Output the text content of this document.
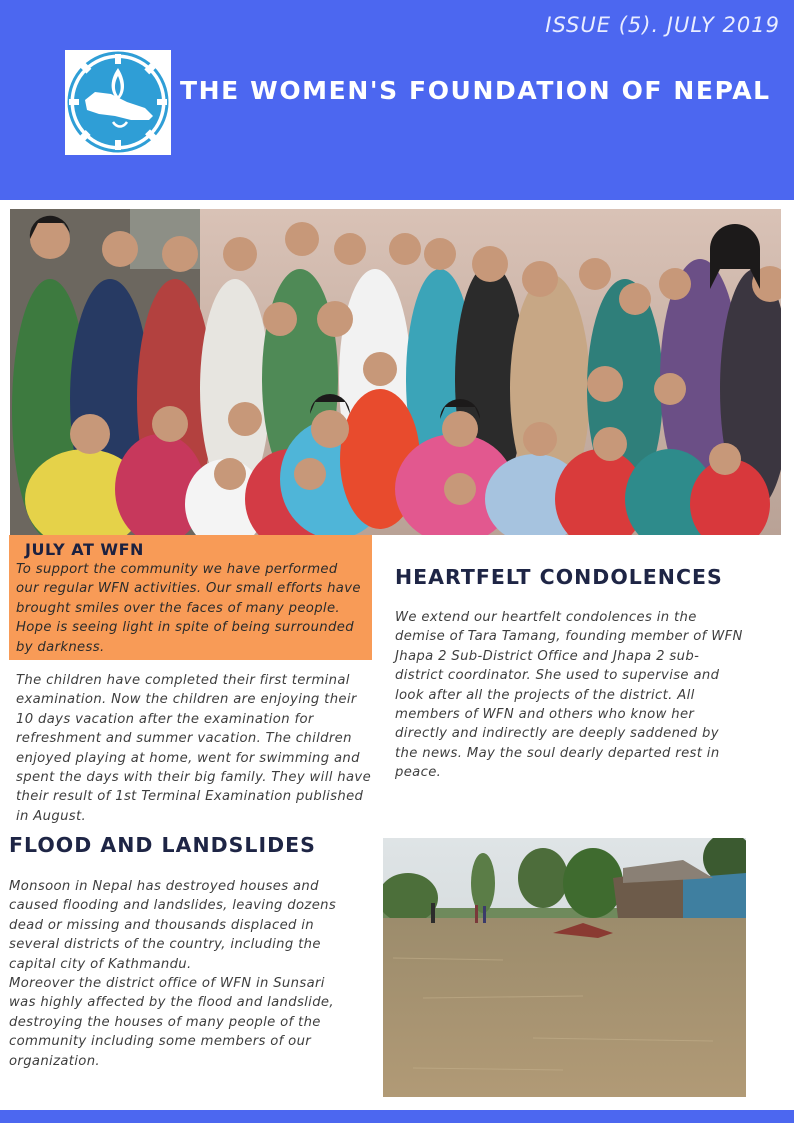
ISSUE (5). JULY 2019
THE WOMEN'S FOUNDATION OF NEPAL
JULY AT WFN

To support the community we have performed our regular WFN activities. Our small efforts have brought smiles over the faces of many people. Hope is seeing light in spite of being surrounded by darkness.

The children have completed their first terminal examination. Now the children are enjoying their 10 days vacation after the examination for refreshment and summer vacation. The children enjoyed playing at home, went for swimming and spent the days with their big family. They will have their result of 1st Terminal Examination published in August.

HEARTFELT CONDOLENCES

We extend our heartfelt condolences in the demise of Tara Tamang, founding member of WFN Jhapa 2 Sub-District Office and Jhapa 2 sub-district coordinator. She used to supervise and look after all the projects of the district. All members of WFN and others who know her directly and indirectly are deeply saddened by the news. May the soul dearly departed rest in peace.

FLOOD AND LANDSLIDES

Monsoon in Nepal has destroyed houses and caused flooding and landslides, leaving dozens dead or missing and thousands displaced in several districts of the country, including the capital city of Kathmandu.
Moreover the district office of WFN in Sunsari was highly affected by the flood and landslide, destroying the houses of many people of the community including some members of our organization.
